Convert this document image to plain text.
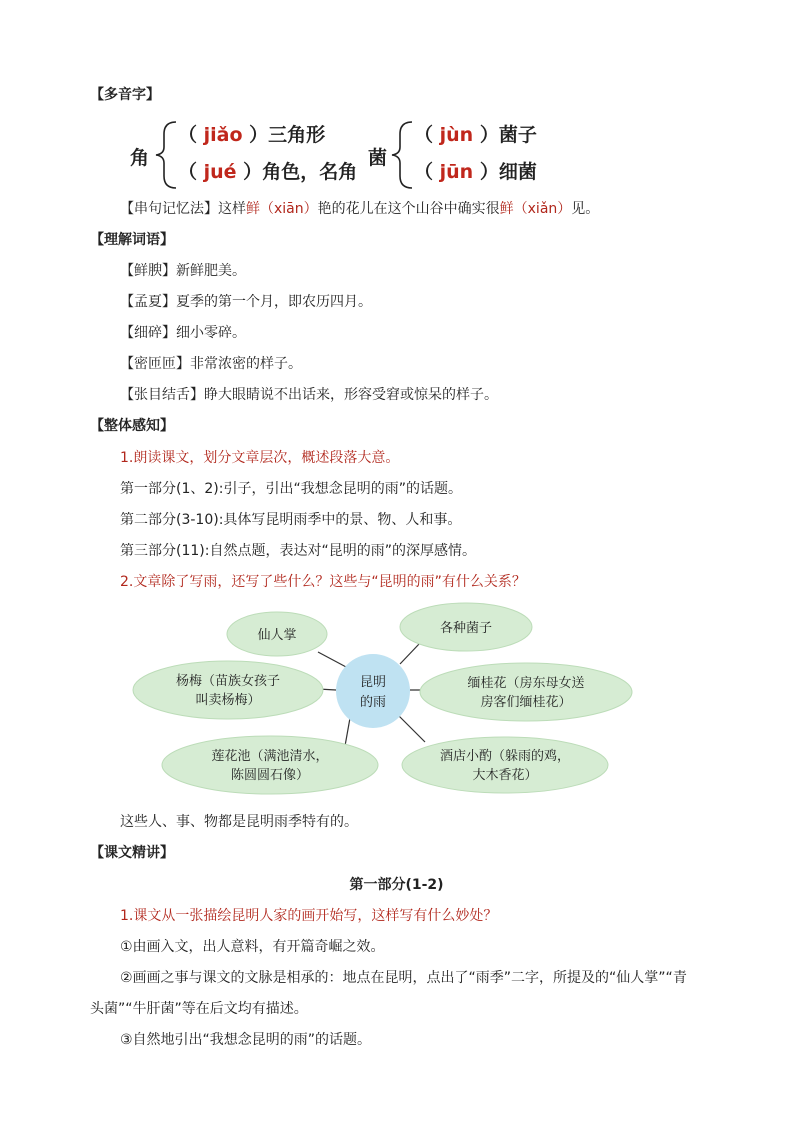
【多音字】
角
（ jiǎo ）三角形
（ jué ）角色，名角
菌
（ jùn ）菌子
（ jūn ）细菌
【串句记忆法】这样鲜（xiān）艳的花儿在这个山谷中确实很鲜（xiǎn）见。
【理解词语】
【鲜腴】新鲜肥美。
【孟夏】夏季的第一个月，即农历四月。
【细碎】细小零碎。
【密匝匝】非常浓密的样子。
【张目结舌】睁大眼睛说不出话来，形容受窘或惊呆的样子。
【整体感知】
1.朗读课文，划分文章层次，概述段落大意。
第一部分(1、2):引子，引出“我想念昆明的雨”的话题。
第二部分(3-10):具体写昆明雨季中的景、物、人和事。
第三部分(11):自然点题，表达对“昆明的雨”的深厚感情。
2.文章除了写雨，还写了些什么？这些与“昆明的雨”有什么关系？
昆明
的雨
仙人掌	各种菌子
杨梅（苗族女孩子
叫卖杨梅）
缅桂花（房东母女送
房客们缅桂花）
莲花池（满池清水，
陈圆圆石像）
酒店小酌（躲雨的鸡，
大木香花）
这些人、事、物都是昆明雨季特有的。
【课文精讲】
第一部分(1-2)
1.课文从一张描绘昆明人家的画开始写，这样写有什么妙处？
①由画入文，出人意料，有开篇奇崛之效。
②画画之事与课文的文脉是相承的：地点在昆明，点出了“雨季”二字，所提及的“仙人掌”“青
头菌”“牛肝菌”等在后文均有描述。
③自然地引出“我想念昆明的雨”的话题。
